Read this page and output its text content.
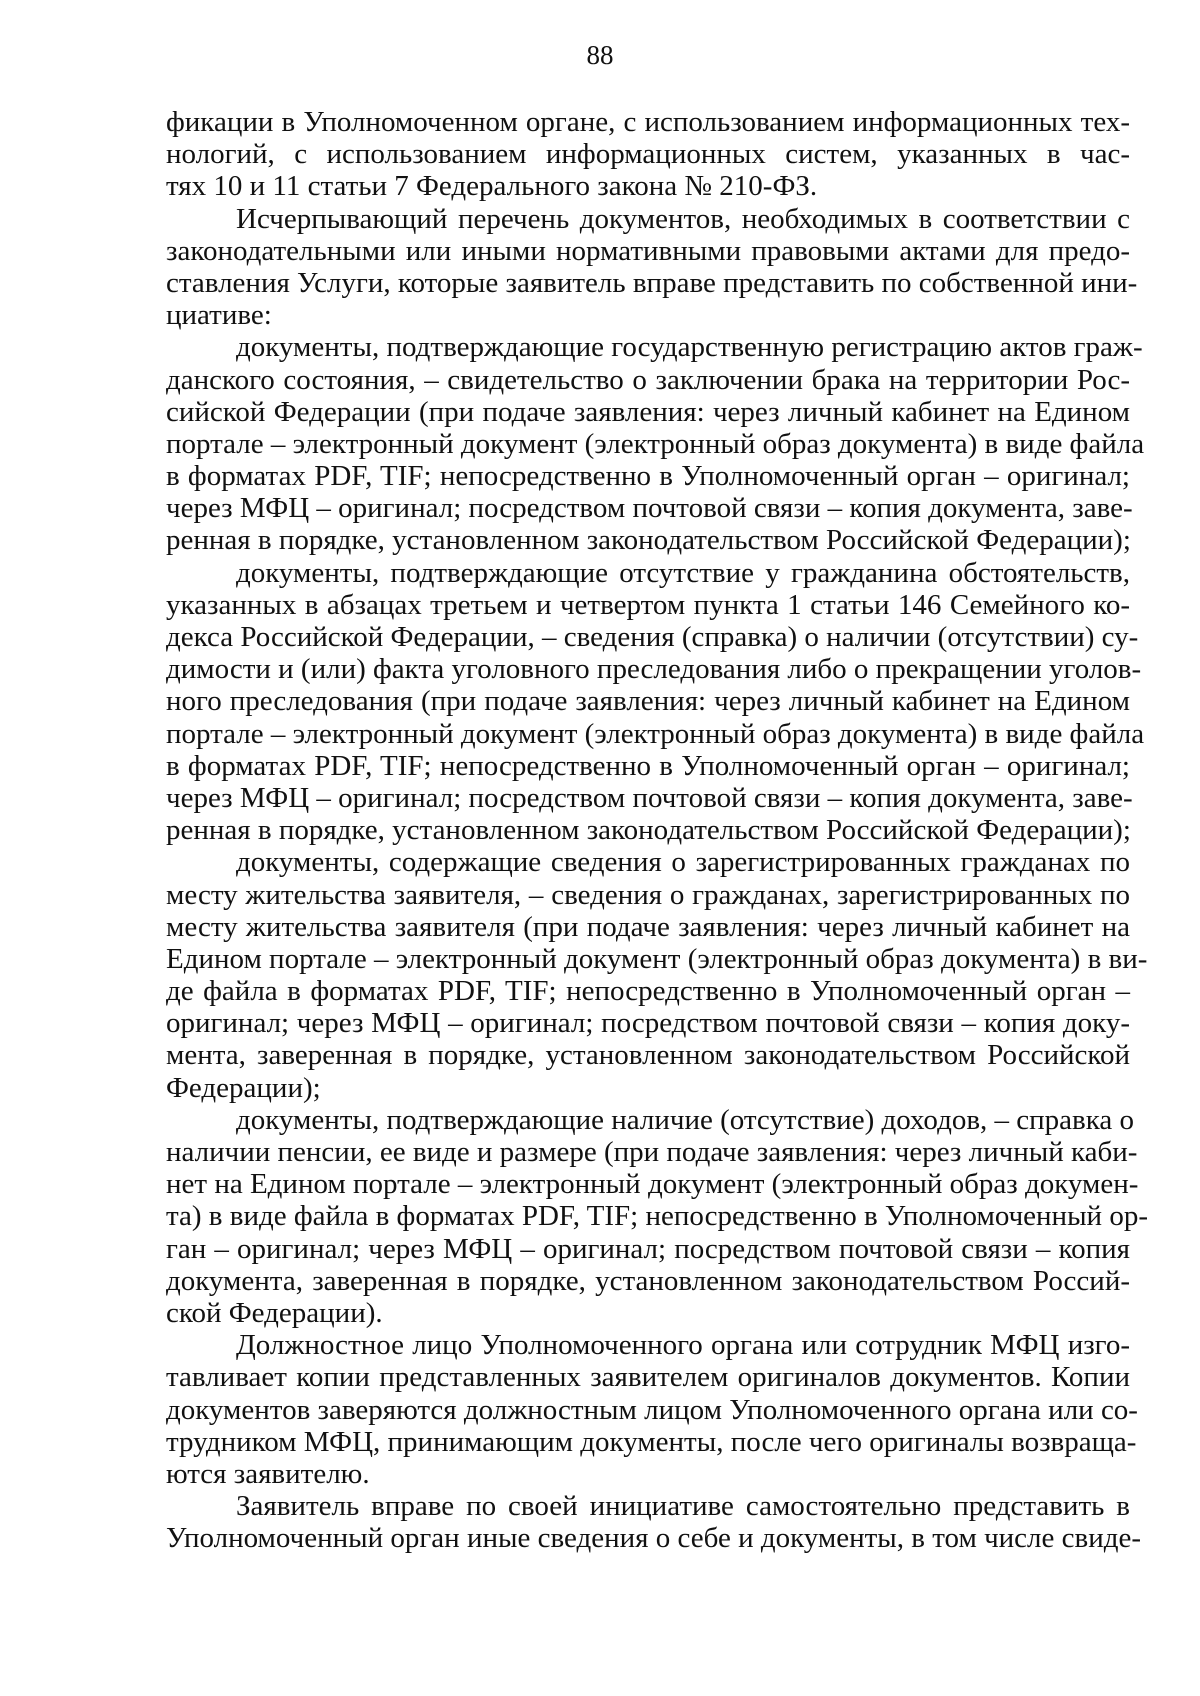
88
фикации в Уполномоченном органе, с использованием информационных тех-
нологий, с использованием информационных систем, указанных в час-
тях 10 и 11 статьи 7 Федерального закона № 210-ФЗ.
Исчерпывающий перечень документов, необходимых в соответствии с
законодательными или иными нормативными правовыми актами для предо-
ставления Услуги, которые заявитель вправе представить по собственной ини-
циативе:
документы, подтверждающие государственную регистрацию актов граж-
данского состояния, – свидетельство о заключении брака на территории Рос-
сийской Федерации (при подаче заявления: через личный кабинет на Едином
портале – электронный документ (электронный образ документа) в виде файла
в форматах PDF, TIF; непосредственно в Уполномоченный орган – оригинал;
через МФЦ – оригинал; посредством почтовой связи – копия документа, заве-
ренная в порядке, установленном законодательством Российской Федерации);
документы, подтверждающие отсутствие у гражданина обстоятельств,
указанных в абзацах третьем и четвертом пункта 1 статьи 146 Семейного ко-
декса Российской Федерации, – сведения (справка) о наличии (отсутствии) су-
димости и (или) факта уголовного преследования либо о прекращении уголов-
ного преследования (при подаче заявления: через личный кабинет на Едином
портале – электронный документ (электронный образ документа) в виде файла
в форматах PDF, TIF; непосредственно в Уполномоченный орган – оригинал;
через МФЦ – оригинал; посредством почтовой связи – копия документа, заве-
ренная в порядке, установленном законодательством Российской Федерации);
документы, содержащие сведения о зарегистрированных гражданах по
месту жительства заявителя, – сведения о гражданах, зарегистрированных по
месту жительства заявителя (при подаче заявления: через личный кабинет на
Едином портале – электронный документ (электронный образ документа) в ви-
де файла в форматах PDF, TIF; непосредственно в Уполномоченный орган –
оригинал; через МФЦ – оригинал; посредством почтовой связи – копия доку-
мента, заверенная в порядке, установленном законодательством Российской
Федерации);
документы, подтверждающие наличие (отсутствие) доходов, – справка о
наличии пенсии, ее виде и размере (при подаче заявления: через личный каби-
нет на Едином портале – электронный документ (электронный образ докумен-
та) в виде файла в форматах PDF, TIF; непосредственно в Уполномоченный ор-
ган – оригинал; через МФЦ – оригинал; посредством почтовой связи – копия
документа, заверенная в порядке, установленном законодательством Россий-
ской Федерации).
Должностное лицо Уполномоченного органа или сотрудник МФЦ изго-
тавливает копии представленных заявителем оригиналов документов. Копии
документов заверяются должностным лицом Уполномоченного органа или со-
трудником МФЦ, принимающим документы, после чего оригиналы возвраща-
ются заявителю.
Заявитель вправе по своей инициативе самостоятельно представить в
Уполномоченный орган иные сведения о себе и документы, в том числе свиде-
